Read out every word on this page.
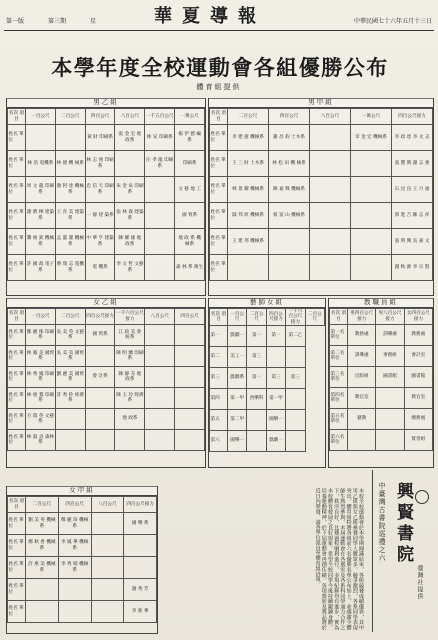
第一版	第三期	星	華夏導報	中華民國七十六年五月十三日
本學年度全校運動會各組優勝公布
體育組提供
男乙組
名次 項目	一百公尺	二百公尺	四百公尺	八百公尺	一千五百公尺	一萬公尺
姓名 單位			黃 財 印刷系	張 金 宏 地 政系	林 安 印刷系	楊 伊 德 編 系
姓名 單位	林 浩 電機系	林 德 機 械系	林 志 強 印刷系		汪 孝 龍 印刷系	印刷系
姓名 單位	周 文 龍 印刷系	顏 阿 達 機械系	忠 信 天 印刷系	朱 金 泉 印刷系		文 藝 地 工
姓名 單位	謝 濟 樺 建築系	王 育 美 建築系	一 靜 建 築系	張 林 森 建築系		國 貿系
姓名 單位	龔 俊 欽 機械系	孟 靈 潔 機械系	中 華 亨 建築系	陳 耀 雄 地 政系		地 政 系 機 械系
姓名 單位	許 國 政 電子系	蔣 瑞 志 電機系	電 機系	李 文 哲 文藝系		森 林 系 衛生
男甲組
名次 項目	二百公尺	四百公尺	八百公尺	一萬公尺	四百公尺接力
姓名 單位	李 建 億 機械系	謝 昌 鈞 土木系		章 金 宏 機械系	李 政 達 李 文 志
姓名 單位	王 三 財 土木系	林 松 田 機 械系			張 寶 興 謝 志 強
姓名 單位	林 景 耀 機械系	陳 嘉 興 機械系			石 昆 良 王 月 福
姓名 單位	鄒 邦 原 機械系	蔡 富 山 機械系			郭 進 吉 陳 志 祥
姓名 單位	王 建 邦 機械系				張 明 興 吳 嘉 文
姓名 單位					謝 秋 源 李 宗 賢
女乙組
名次 項目	一百公尺	二百公尺	四百公尺接力	一千六百公尺接力	八百公尺	四百公尺
姓名 單位	鄭 麗 珠 印刷系	吳 美 英 文藝系	國 貿系	江 政 美 會 統系		
姓名 單位	林 鳳 美 國貿系	吳 美 美 國貿系		陳 明 蘭 印刷系		
姓名 單位	林 秀 鳳 印刷系	劉 麗 美 國貿系	會 計系	陳 靜 芬 地 政系		
姓名 單位	林 惠 鶯 印刷系	許 秀 鈴 經濟系		陳 玉 玲 經濟系		
姓名 單位	方 瑞 英 文藝系			地 政系		
姓名 單位	林 淑 貞 森林系					
藝師女組
名次 項目	一百公尺	二百公尺	四百公尺接力	一千六百公尺接力	二百公尺
第一	戲劇一	第一	第一	第二乙	
第二	美工一	第三			
第三	戲劇系	第一	第三	第三	
第四	第一甲	西樂科	第一甲		
第五	第二甲		國樂一		
第六	國樂一		戲劇一		
教職員組
名次 項目	男四百公尺接力	男八百公尺接力	女四百公尺接力
第一名 單位	教務處	訓導處	教務處
第二名 單位	訓導處	事務組	會計室
第三名 單位	出版組	圖書館	圖書館
第四名 單位	教官室		教官室
第五名 單位	藝教		總務處
第六名 單位			實習組
女甲組
名次 項目	二百公尺	四百公尺	八百公尺	四百公尺接力
姓名 單位	劉 美 英 機械系	鄭 麗 珍 機械系		國 樂 系
姓名 單位	鄭 秋 香 機械系	李 鳳 華 機械系		
姓名 單位	許 惠 美 機械系	李 秀 娟 機械系		
姓名 單位				謝 秀 芳
姓名 單位				李 新 華	本校全校運動會於本學期圓滿結束，各組競賽成績優異，其中男乙組與女乙組參賽同學人數眾多，競爭激烈，各系同學表現突出。體育組特將各組前六名優勝名單公布如上，並感謝全體師生熱烈參與。本屆運動會在各處室及各系科同學通力合作之下，秩序良好，比賽過程順利進行，多項紀錄均有進步，實為本校體育發展之良好現象。希望全校同學今後持續鍛鍊身體，培養運動精神，於下屆運動會再創佳績。各項獎狀及獎品將於近日內頒發，請各單位派員至體育組洽領。	中臺灣古書院巡禮之六 興賢書院
臺灣社提供
